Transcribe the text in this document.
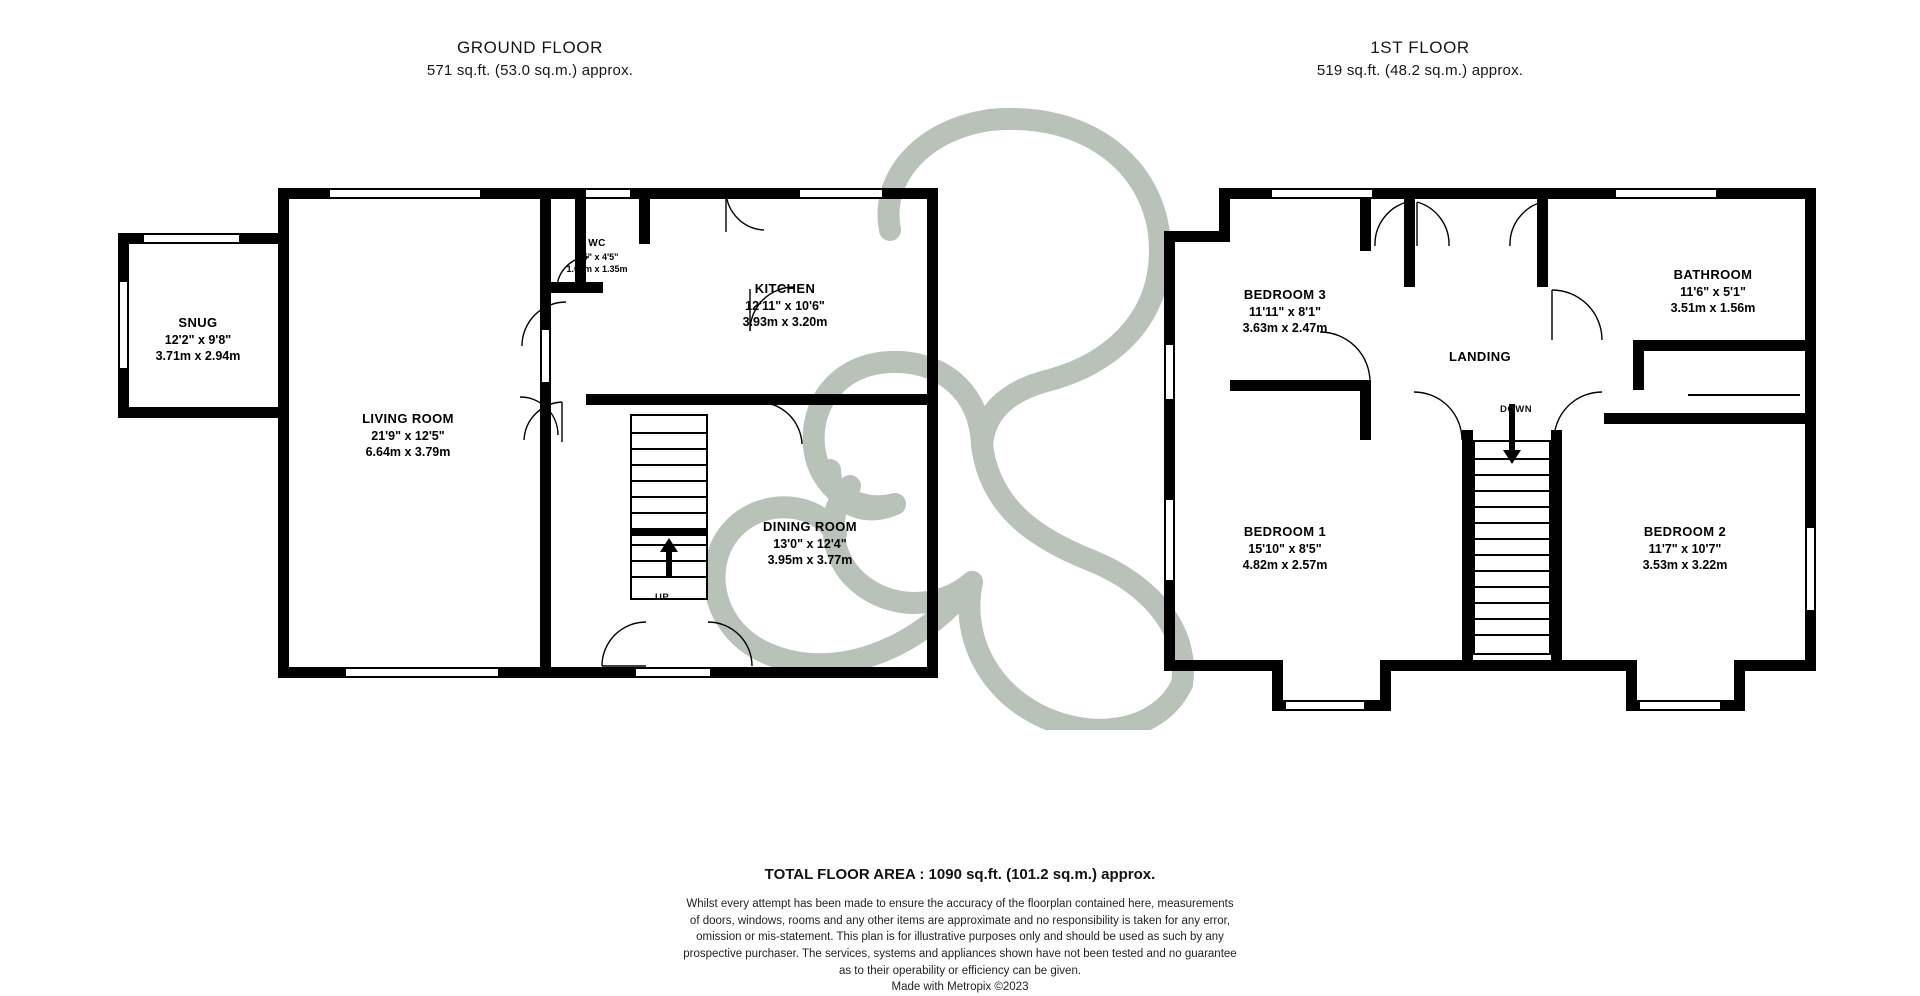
GROUND FLOOR
571 sq.ft. (53.0 sq.m.) approx.
UP
SNUG
12'2" x 9'8"
3.71m x 2.94m
LIVING ROOM
21'9" x 12'5"
6.64m x 3.79m
WC
5'5" x 4'5"
1.66m x 1.35m
KITCHEN
12'11" x 10'6"
3.93m x 3.20m
DINING ROOM
13'0" x 12'4"
3.95m x 3.77m
1ST FLOOR
519 sq.ft. (48.2 sq.m.) approx.
DOWN
BEDROOM 3
11'11" x 8'1"
3.63m x 2.47m
BATHROOM
11'6" x 5'1"
3.51m x 1.56m
LANDING
BEDROOM 1
15'10" x 8'5"
4.82m x 2.57m
BEDROOM 2
11'7" x 10'7"
3.53m x 3.22m
TOTAL FLOOR AREA : 1090 sq.ft. (101.2 sq.m.) approx.
Whilst every attempt has been made to ensure the accuracy of the floorplan contained here, measurements
of doors, windows, rooms and any other items are approximate and no responsibility is taken for any error,
omission or mis-statement. This plan is for illustrative purposes only and should be used as such by any
prospective purchaser. The services, systems and appliances shown have not been tested and no guarantee
as to their operability or efficiency can be given.
Made with Metropix ©2023
